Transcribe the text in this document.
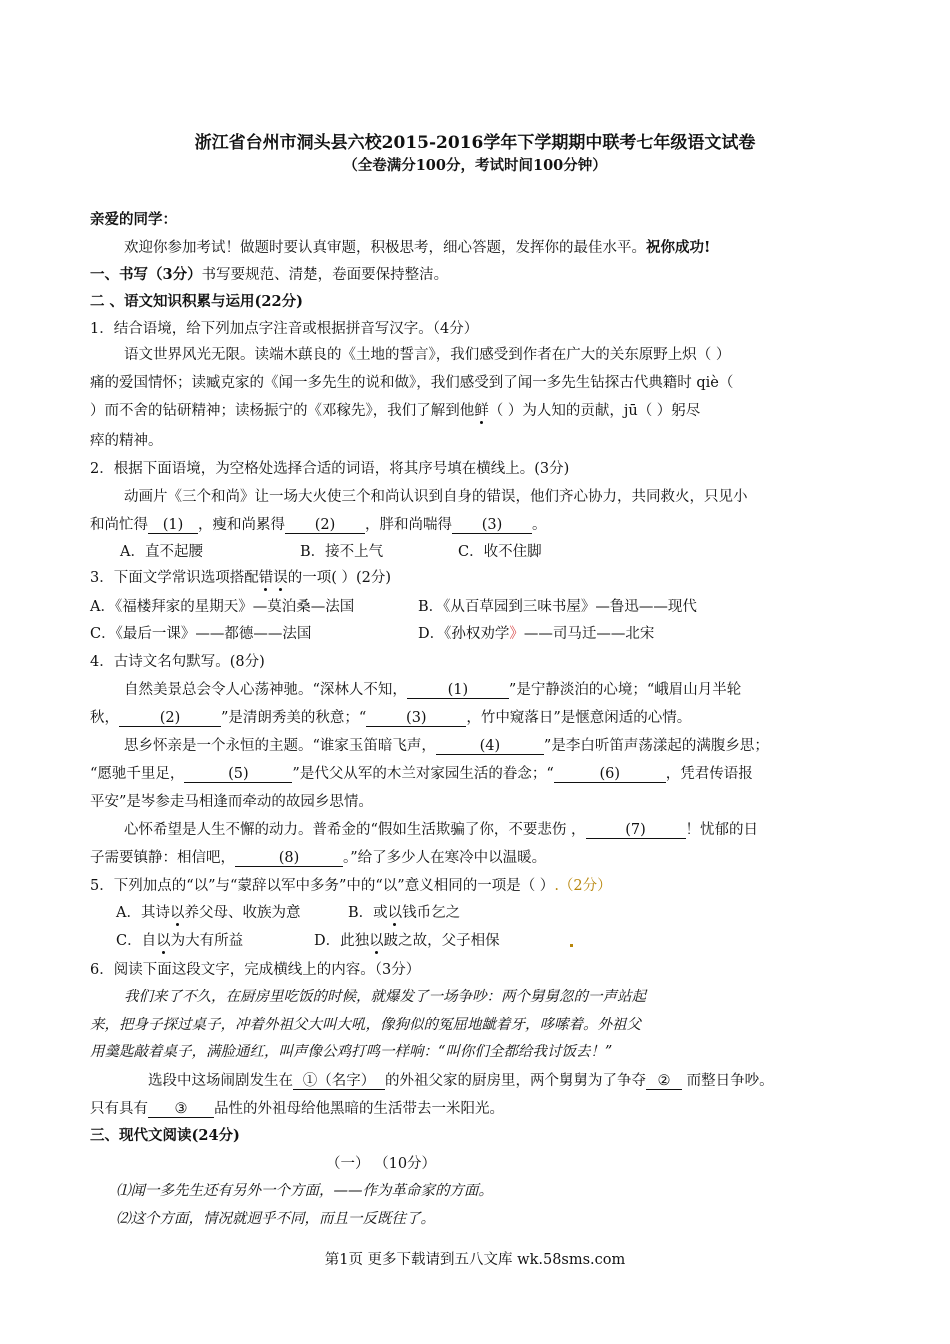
浙江省台州市洞头县六校2015-2016学年下学期期中联考七年级语文试卷
（全卷满分100分，考试时间100分钟）
亲爱的同学：
欢迎你参加考试！做题时要认真审题，积极思考，细心答题，发挥你的最佳水平。祝你成功!
一、书写（3分）书写要规范、清楚，卷面要保持整洁。
二 、语文知识积累与运用(22分)
1．结合语境，给下列加点字注音或根据拼音写汉字。（4分）
语文世界风光无限。读端木蕻良的《土地的誓言》，我们感受到作者在广大的关东原野上炽（ ）
痛的爱国情怀；读臧克家的《闻一多先生的说和做》，我们感受到了闻一多先生钻探古代典籍时 qiè（
）而不舍的钻研精神；读杨振宁的《邓稼先》，我们了解到他鲜（ ）为人知的贡献，jū（ ）躬尽
瘁的精神。
2．根据下面语境，为空格处选择合适的词语，将其序号填在横线上。(3分)
动画片《三个和尚》让一场大火使三个和尚认识到自身的错误，他们齐心协力，共同救火，只见小
和尚忙得 (1) ，瘦和尚累得 (2) ，胖和尚喘得 (3) 。
A．直不起腰	B．接不上气	C．收不住脚
3．下面文学常识选项搭配错误的一项( ）(2分)
A．《福楼拜家的星期天》—莫泊桑—法国	B．《从百草园到三味书屋》—鲁迅——现代
C．《最后一课》——都德——法国	D．《孙权劝学》——司马迁——北宋
4．古诗文名句默写。(8分)
自然美景总会令人心荡神驰。“深林人不知，	(1)	”是宁静淡泊的心境；“峨眉山月半轮
秋，	(2)	”是清朗秀美的秋意；“	(3)	，竹中窥落日”是惬意闲适的心情。
思乡怀亲是一个永恒的主题。“谁家玉笛暗飞声，	(4)	”是李白听笛声荡漾起的满腹乡思；
“愿驰千里足，	(5)	”是代父从军的木兰对家园生活的眷念；“	(6)	，凭君传语报
平安”是岑参走马相逢而牵动的故园乡思情。
心怀希望是人生不懈的动力。普希金的“假如生活欺骗了你，不要悲伤 ，	(7)	！忧郁的日
子需要镇静：相信吧，	(8)	。”给了多少人在寒冷中以温暖。
5．下列加点的“以”与“蒙辞以军中多务”中的“以”意义相同的一项是（ ）.（2分）
A．其诗以养父母、收族为意	B．或以钱币乞之
C．自以为大有所益	D．此独以跛之故，父子相保
6．阅读下面这段文字，完成横线上的内容。（3分）
我们来了不久，在厨房里吃饭的时候，就爆发了一场争吵：两个舅舅忽的一声站起
来，把身子探过桌子，冲着外祖父大叫大吼，像狗似的冤屈地龇着牙，哆嗦着。外祖父
用羹匙敲着桌子，满脸通红，叫声像公鸡打鸣一样响：“叫你们全都给我讨饭去！”
选段中这场闹剧发生在 ①（名字） 的外祖父家的厨房里，两个舅舅为了争夺 ② 而整日争吵。
只有具有 ③ 品性的外祖母给他黑暗的生活带去一米阳光。
三、现代文阅读(24分)
（一） （10分）
⑴闻一多先生还有另外一个方面，——作为革命家的方面。
⑵这个方面，情况就迥乎不同，而且一反既往了。
第1页 更多下载请到五八文库 wk.58sms.com
